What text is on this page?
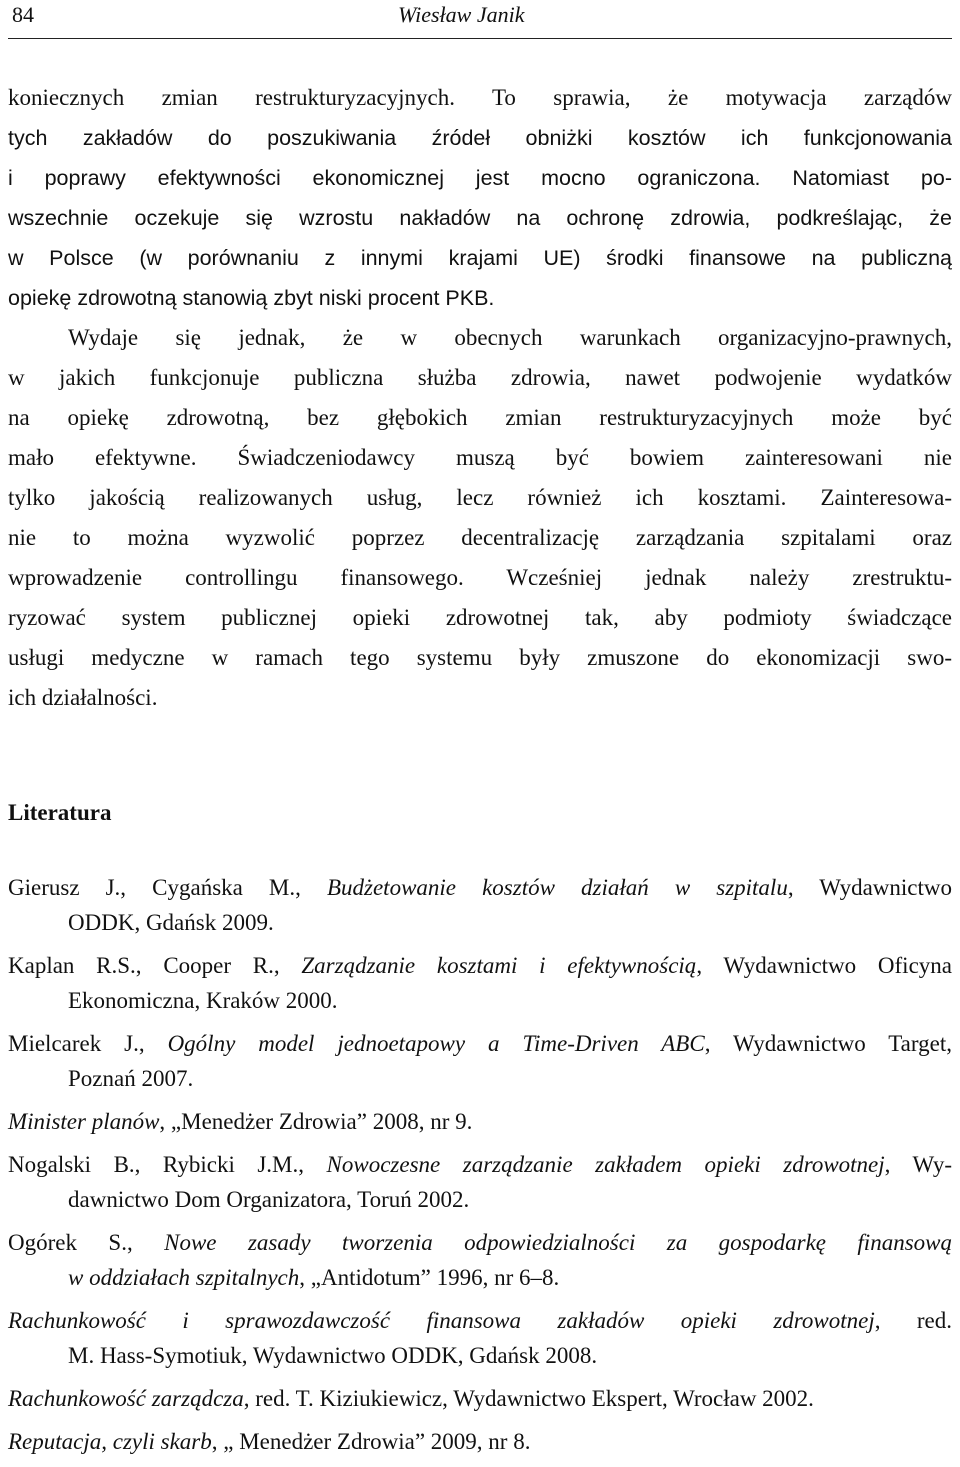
84	Wiesław Janik
koniecznych zmian restrukturyzacyjnych. To sprawia, że motywacja zarządów
tych zakładów do poszukiwania źródeł obniżki kosztów ich funkcjonowania
i poprawy efektywności ekonomicznej jest mocno ograniczona. Natomiast po-
wszechnie oczekuje się wzrostu nakładów na ochronę zdrowia, podkreślając, że
w Polsce (w porównaniu z innymi krajami UE) środki finansowe na publiczną
opiekę zdrowotną stanowią zbyt niski procent PKB.
Wydaje się jednak, że w obecnych warunkach organizacyjno-prawnych,
w jakich funkcjonuje publiczna służba zdrowia, nawet podwojenie wydatków
na opiekę zdrowotną, bez głębokich zmian restrukturyzacyjnych może być
mało efektywne. Świadczeniodawcy muszą być bowiem zainteresowani nie
tylko jakością realizowanych usług, lecz również ich kosztami. Zainteresowa-
nie to można wyzwolić poprzez decentralizację zarządzania szpitalami oraz
wprowadzenie controllingu finansowego. Wcześniej jednak należy zrestruktu-
ryzować system publicznej opieki zdrowotnej tak, aby podmioty świadczące
usługi medyczne w ramach tego systemu były zmuszone do ekonomizacji swo-
ich działalności.
Literatura
Gierusz J., Cygańska M., Budżetowanie kosztów działań w szpitalu, Wydawnictwo
ODDK, Gdańsk 2009.
Kaplan R.S., Cooper R., Zarządzanie kosztami i efektywnością, Wydawnictwo Oficyna
Ekonomiczna, Kraków 2000.
Mielcarek J., Ogólny model jednoetapowy a Time-Driven ABC, Wydawnictwo Target,
Poznań 2007.
Minister planów, „Menedżer Zdrowia” 2008, nr 9.
Nogalski B., Rybicki J.M., Nowoczesne zarządzanie zakładem opieki zdrowotnej, Wy-
dawnictwo Dom Organizatora, Toruń 2002.
Ogórek S., Nowe zasady tworzenia odpowiedzialności za gospodarkę finansową
w oddziałach szpitalnych, „Antidotum” 1996, nr 6–8.
Rachunkowość i sprawozdawczość finansowa zakładów opieki zdrowotnej, red.
M. Hass-Symotiuk, Wydawnictwo ODDK, Gdańsk 2008.
Rachunkowość zarządcza, red. T. Kiziukiewicz, Wydawnictwo Ekspert, Wrocław 2002.
Reputacja, czyli skarb, „ Menedżer Zdrowia” 2009, nr 8.
